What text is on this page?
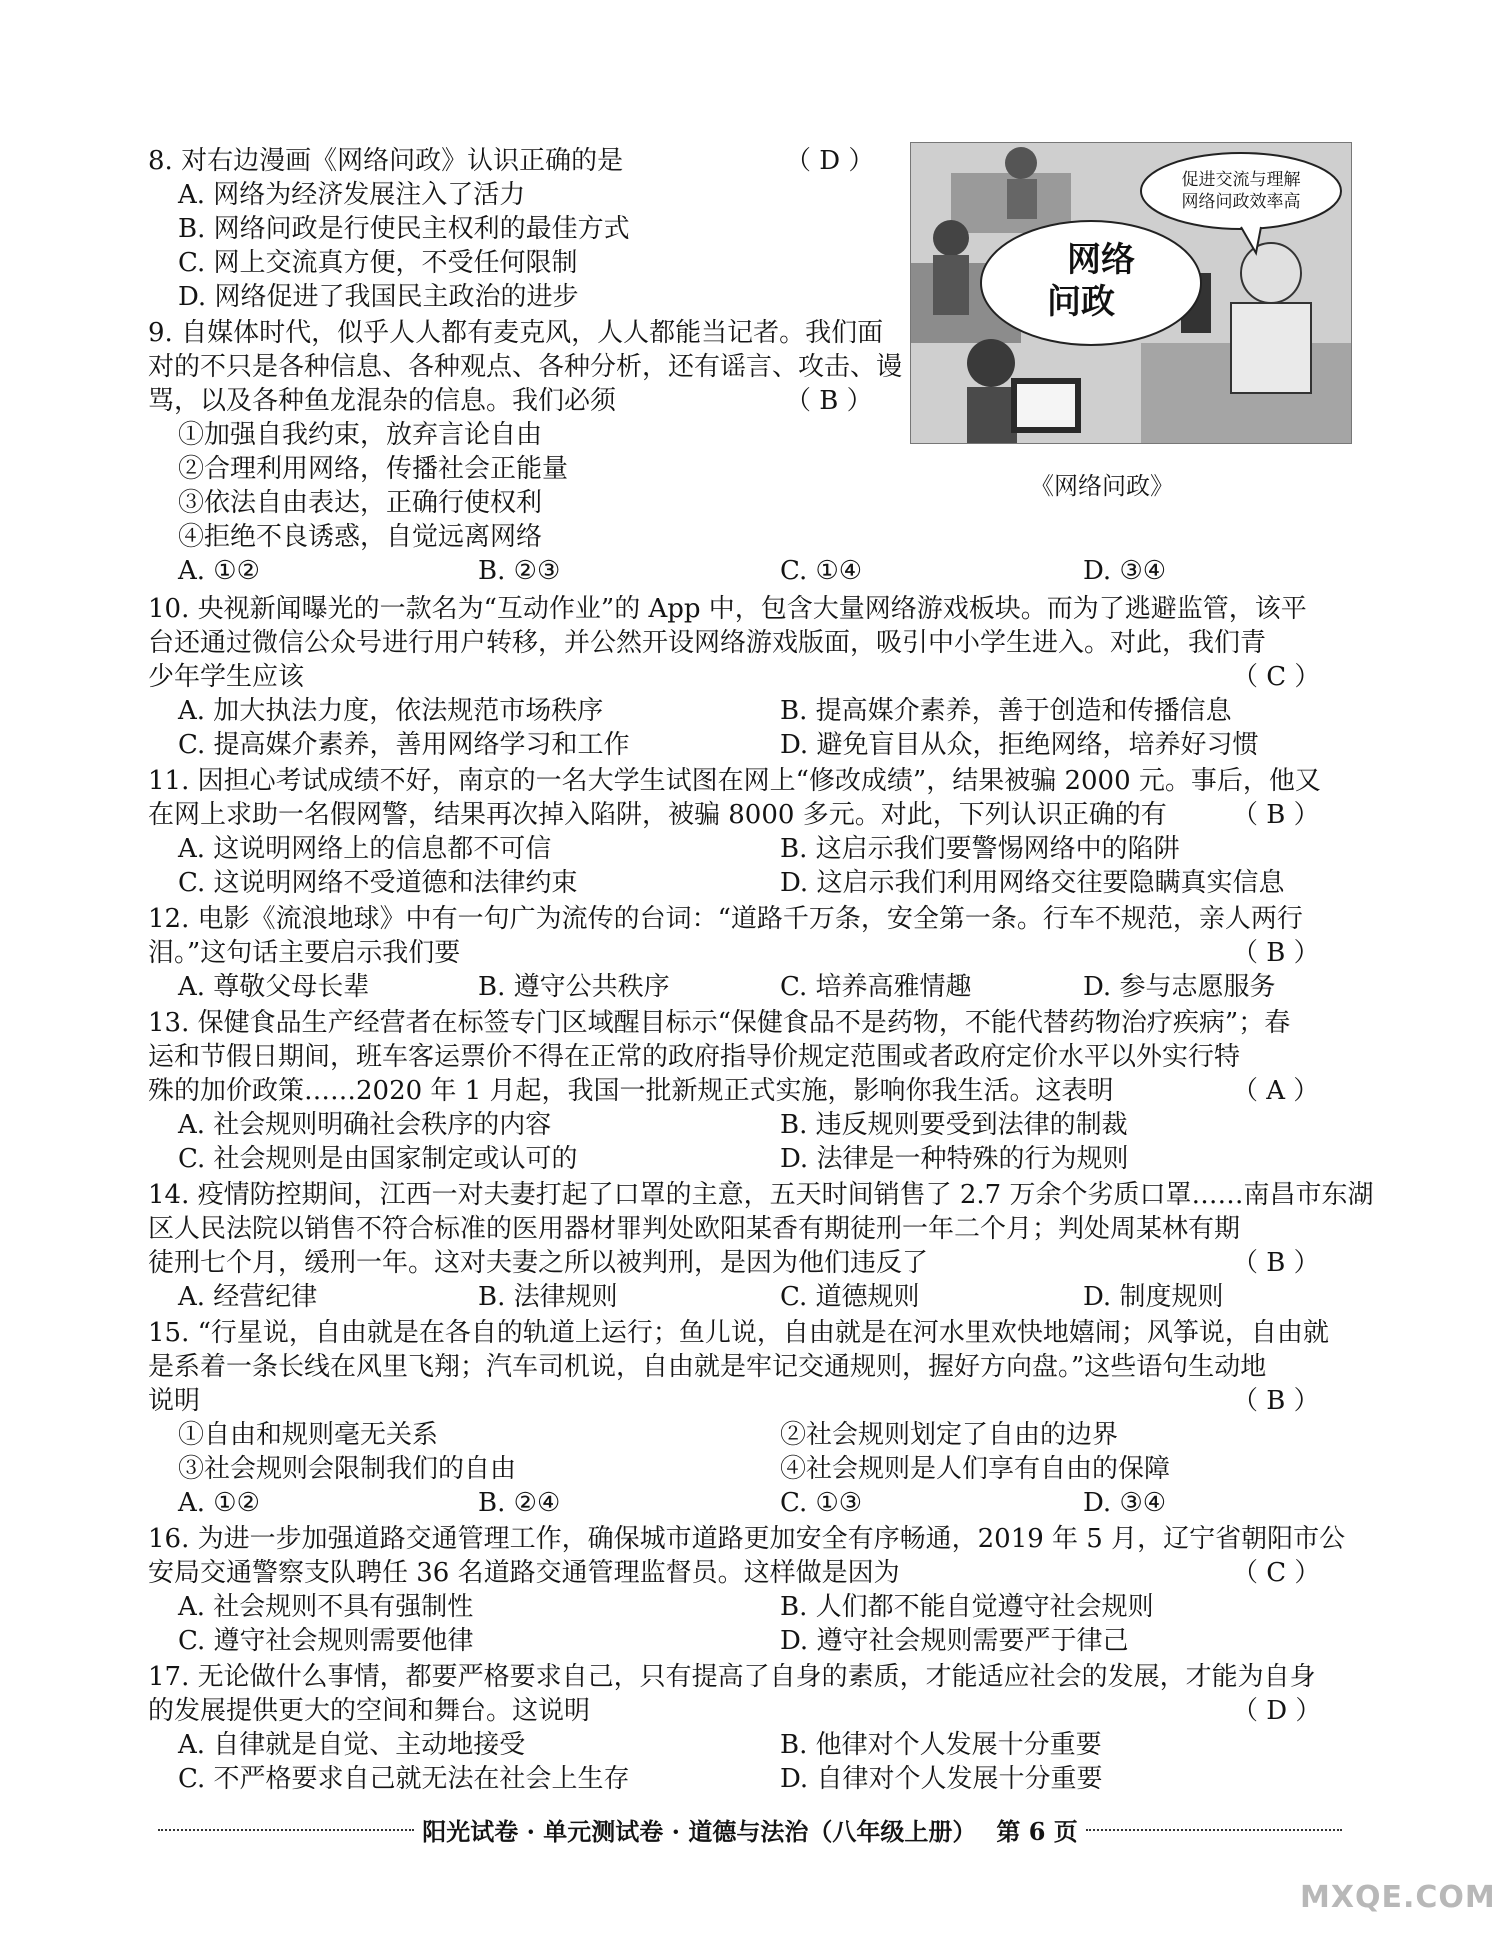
8. 对右边漫画《网络问政》认识正确的是	（ D ）
A. 网络为经济发展注入了活力
B. 网络问政是行使民主权利的最佳方式
C. 网上交流真方便，不受任何限制
D. 网络促进了我国民主政治的进步
促进交流与理解
网络问政效率高
网络
问政
《网络问政》
9. 自媒体时代，似乎人人都有麦克风，人人都能当记者。我们面
对的不只是各种信息、各种观点、各种分析，还有谣言、攻击、谩
骂，以及各种鱼龙混杂的信息。我们必须	（ B ）
①加强自我约束，放弃言论自由
②合理利用网络，传播社会正能量
③依法自由表达，正确行使权利
④拒绝不良诱惑，自觉远离网络
A. ①②	B. ②③	C. ①④	D. ③④
10. 央视新闻曝光的一款名为“互动作业”的 App 中，包含大量网络游戏板块。而为了逃避监管，该平
台还通过微信公众号进行用户转移，并公然开设网络游戏版面，吸引中小学生进入。对此，我们青
少年学生应该	（ C ）
A. 加大执法力度，依法规范市场秩序	B. 提高媒介素养，善于创造和传播信息
C. 提高媒介素养，善用网络学习和工作	D. 避免盲目从众，拒绝网络，培养好习惯
11. 因担心考试成绩不好，南京的一名大学生试图在网上“修改成绩”，结果被骗 2000 元。事后，他又
在网上求助一名假网警，结果再次掉入陷阱，被骗 8000 多元。对此，下列认识正确的有	（ B ）
A. 这说明网络上的信息都不可信	B. 这启示我们要警惕网络中的陷阱
C. 这说明网络不受道德和法律约束	D. 这启示我们利用网络交往要隐瞒真实信息
12. 电影《流浪地球》中有一句广为流传的台词：“道路千万条，安全第一条。行车不规范，亲人两行
泪。”这句话主要启示我们要	（ B ）
A. 尊敬父母长辈	B. 遵守公共秩序	C. 培养高雅情趣	D. 参与志愿服务
13. 保健食品生产经营者在标签专门区域醒目标示“保健食品不是药物，不能代替药物治疗疾病”；春
运和节假日期间，班车客运票价不得在正常的政府指导价规定范围或者政府定价水平以外实行特
殊的加价政策……2020 年 1 月起，我国一批新规正式实施，影响你我生活。这表明	（ A ）
A. 社会规则明确社会秩序的内容	B. 违反规则要受到法律的制裁
C. 社会规则是由国家制定或认可的	D. 法律是一种特殊的行为规则
14. 疫情防控期间，江西一对夫妻打起了口罩的主意，五天时间销售了 2.7 万余个劣质口罩……南昌市东湖
区人民法院以销售不符合标准的医用器材罪判处欧阳某香有期徒刑一年二个月；判处周某林有期
徒刑七个月，缓刑一年。这对夫妻之所以被判刑，是因为他们违反了	（ B ）
A. 经营纪律	B. 法律规则	C. 道德规则	D. 制度规则
15. “行星说，自由就是在各自的轨道上运行；鱼儿说，自由就是在河水里欢快地嬉闹；风筝说，自由就
是系着一条长线在风里飞翔；汽车司机说，自由就是牢记交通规则，握好方向盘。”这些语句生动地
说明	（ B ）
①自由和规则毫无关系	②社会规则划定了自由的边界
③社会规则会限制我们的自由	④社会规则是人们享有自由的保障
A. ①②	B. ②④	C. ①③	D. ③④
16. 为进一步加强道路交通管理工作，确保城市道路更加安全有序畅通，2019 年 5 月，辽宁省朝阳市公
安局交通警察支队聘任 36 名道路交通管理监督员。这样做是因为	（ C ）
A. 社会规则不具有强制性	B. 人们都不能自觉遵守社会规则
C. 遵守社会规则需要他律	D. 遵守社会规则需要严于律己
17. 无论做什么事情，都要严格要求自己，只有提高了自身的素质，才能适应社会的发展，才能为自身
的发展提供更大的空间和舞台。这说明	（ D ）
A. 自律就是自觉、主动地接受	B. 他律对个人发展十分重要
C. 不严格要求自己就无法在社会上生存	D. 自律对个人发展十分重要
阳光试卷 · 单元测试卷 · 道德与法治（八年级上册） 第 6 页
MXQE.COM
